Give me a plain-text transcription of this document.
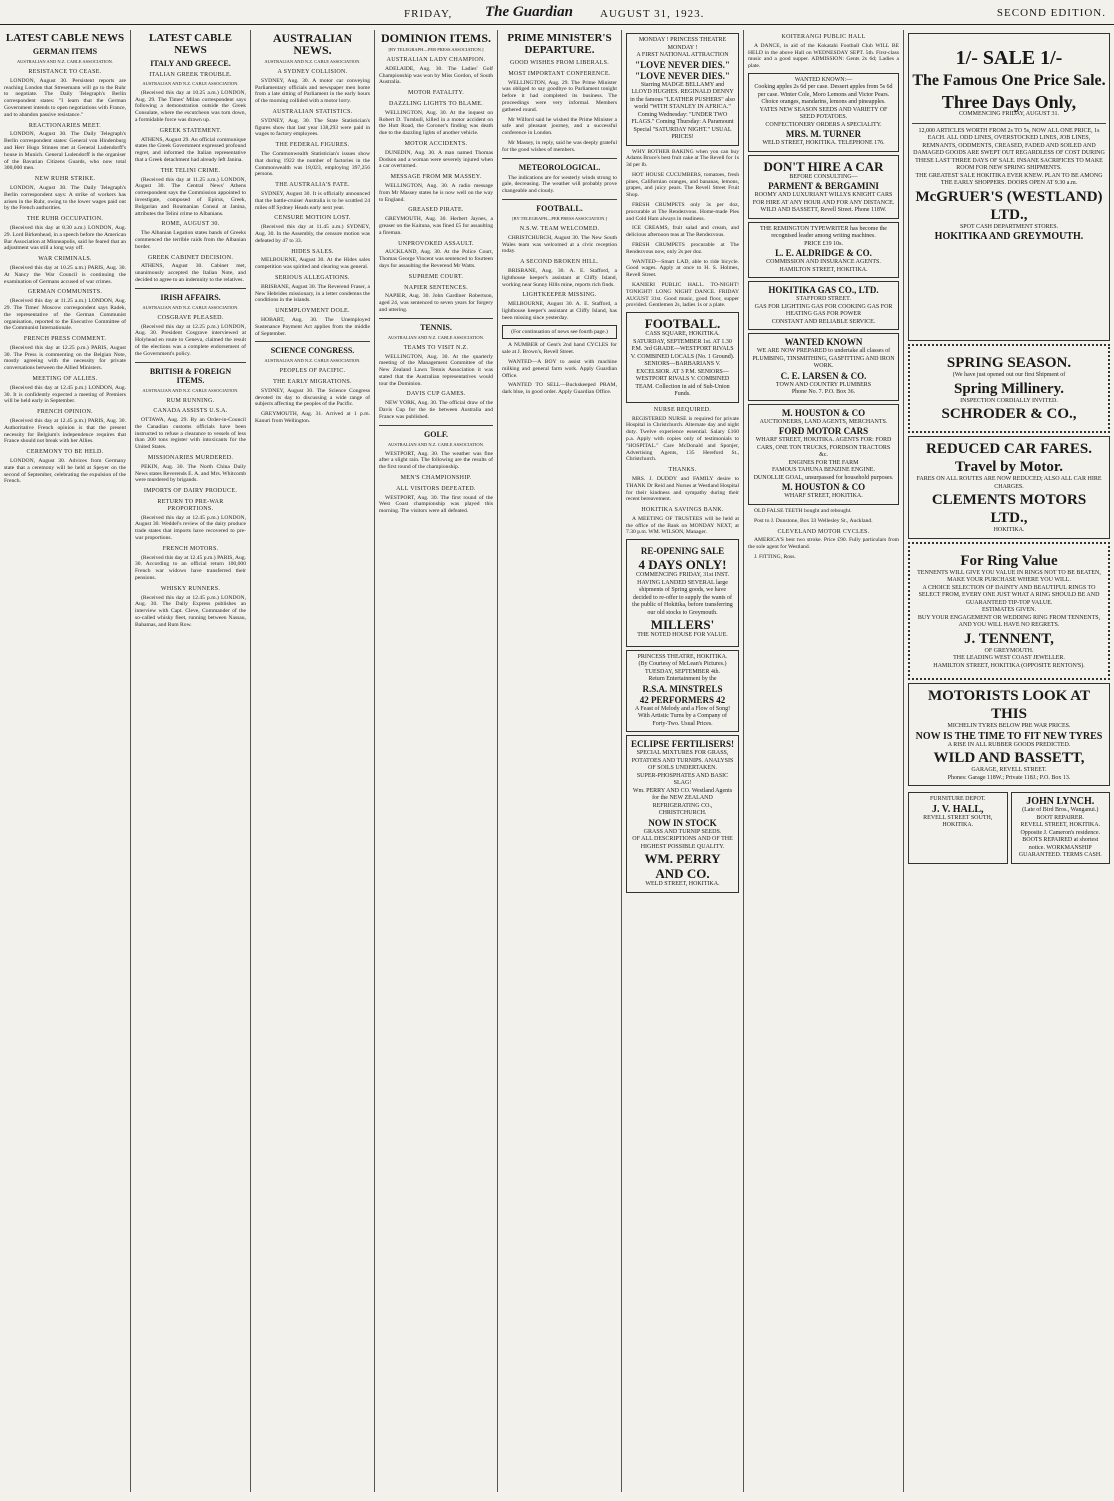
FRIDAY, The Guardian AUGUST 31, 1923.	SECOND EDITION.
LATEST CABLE NEWS
GERMAN ITEMS
AUSTRALIAN AND N.Z. CABLE ASSOCIATION.
RESISTANCE TO CEASE.

LONDON, August 30. Persistent reports are reaching London that Stresemann will go to the Ruhr to negotiate. The Daily Telegraph's Berlin correspondent states: "I learn that the German Government intends to open negotiations with France, and to abandon passive resistance."

REACTIONARIES MEET.

LONDON, August 30. The Daily Telegraph's Berlin correspondent states: General von Hindenburg and Herr Hugo Stinnes met at General Ludendorff's house in Munich. General Ludendorff is the organiser of the Bavarian Citizens Guards, who now total 300,000 men.

NEW RUHR STRIKE.

LONDON, August 30. The Daily Telegraph's Berlin correspondent says: A strike of workers has arisen in the Ruhr, owing to the lower wages paid out by the French authorities.

THE RUHR OCCUPATION.

(Received this day at 8.30 a.m.) LONDON, Aug. 29. Lord Birkenhead, in a speech before the American Bar Association at Minneapolis, said he feared that an adjustment was still a long way off.

WAR CRIMINALS.

(Received this day at 10.25 a.m.) PARIS, Aug. 30. At Nancy the War Council is continuing the examination of Germans accused of war crimes.

GERMAN COMMUNISTS.

(Received this day at 11.25 a.m.) LONDON, Aug. 29. The Times' Moscow correspondent says Radek, the representative of the German Communist organisation, reported to the Executive Committee of the Communist Internationale.

FRENCH PRESS COMMENT.

(Received this day at 12.25 p.m.) PARIS, August 30. The Press is commenting on the Belgian Note, mostly agreeing with the necessity for private conversations between the Allied Ministers.

MEETING OF ALLIES.

(Received this day at 12.45 p.m.) LONDON, Aug. 30. It is confidently expected a meeting of Premiers will be held early in September.

FRENCH OPINION.

(Received this day at 12.45 p.m.) PARIS, Aug. 30. Authoritative French opinion is that the present necessity for Belgium's independence requires that France should not break with her Allies.

CEREMONY TO BE HELD.

LONDON, August 30. Advices from Germany state that a ceremony will be held at Speyer on the second of September, celebrating the expulsion of the French.

LATEST CABLE NEWS
ITALY AND GREECE.
ITALIAN GREEK TROUBLE.
AUSTRALIAN AND N.Z. CABLE ASSOCIATION.

(Received this day at 10.25 a.m.) LONDON, Aug. 29. The Times' Milan correspondent says following a demonstration outside the Greek Consulate, where the escutcheon was torn down, a formidable force was drawn up.

GREEK STATEMENT.

ATHENS, August 29. An official communique states the Greek Government expressed profound regret, and informed the Italian representative that a Greek detachment had already left Janina.

THE TELINI CRIME.

(Received this day at 11.25 a.m.) LONDON, August 30. The Central News' Athens correspondent says the Commission appointed to investigate, composed of Epirus, Greek, Bulgarian and Roumanian Consul at Janina, attributes the Telini crime to Albanians.

ROME, AUGUST 30.

The Albanian Legation states bands of Greeks commenced the terrible raids from the Albanian border.

GREEK CABINET DECISION.

ATHENS, August 30. Cabinet met, unanimously accepted the Italian Note, and decided to agree to an indemnity to the relatives.

IRISH AFFAIRS.
AUSTRALIAN AND N.Z. CABLE ASSOCIATION.
COSGRAVE PLEASED.

(Received this day at 12.25 p.m.) LONDON, Aug. 30. President Cosgrave interviewed at Holyhead en route to Geneva, claimed the result of the elections was a complete endorsement of the Government's policy.

BRITISH & FOREIGN ITEMS.
AUSTRALIAN AND N.Z. CABLE ASSOCIATION.
RUM RUNNING.
CANADA ASSISTS U.S.A.

OTTAWA, Aug. 29. By an Order-in-Council the Canadian customs officials have been instructed to refuse a clearance to vessels of less than 200 tons register with intoxicants for the United States.

MISSIONARIES MURDERED.

PEKIN, Aug. 30. The North China Daily News states Reverends E. A. and Mrs. Whitcomb were murdered by brigands.

IMPORTS OF DAIRY PRODUCE.
RETURN TO PRE-WAR PROPORTIONS.

(Received this day at 12.45 p.m.) LONDON, August 30. Weddel's review of the dairy produce trade states that imports have recovered to pre-war proportions.

FRENCH MOTORS.

(Received this day at 12.45 p.m.) PARIS, Aug. 30. According to an official return 100,000 French war widows have transferred their pensions.

WHISKY RUNNERS.

(Received this day at 12.45 p.m.) LONDON, Aug. 30. The Daily Express publishes an interview with Capt. Cleve, Commander of the so-called whisky fleet, running between Nassau, Bahamas, and Rum Row.

AUSTRALIAN NEWS.
AUSTRALIAN AND N.Z. CABLE ASSOCIATION.
A SYDNEY COLLISION.

SYDNEY, Aug. 30. A motor car conveying Parliamentary officials and newspaper men home from a late sitting of Parliament in the early hours of the morning collided with a motor lorry.

AUSTRALIAN STATISTICS.

SYDNEY, Aug. 30. The State Statistician's figures show that last year 138,293 were paid in wages to factory employees.

THE FEDERAL FIGURES.

The Commonwealth Statistician's issues show that during 1922 the number of factories in the Commonwealth was 18,023, employing 397,256 persons.

THE AUSTRALIA'S FATE.

SYDNEY, August 30. It is officially announced that the battle-cruiser Australia is to be scuttled 24 miles off Sydney Heads early next year.

CENSURE MOTION LOST.

(Received this day at 11.45 a.m.) SYDNEY, Aug. 30. In the Assembly, the censure motion was defeated by 47 to 33.

HIDES SALES.

MELBOURNE, August 30. At the Hides sales competition was spirited and clearing was general.

SERIOUS ALLEGATIONS.

BRISBANE, August 30. The Reverend Fraser, a New Hebrides missionary, in a letter condemns the conditions in the islands.

UNEMPLOYMENT DOLE.

HOBART, Aug. 30. The Unemployed Sustenance Payment Act applies from the middle of September.

SCIENCE CONGRESS.
AUSTRALIAN AND N.Z. CABLE ASSOCIATION.
PEOPLES OF PACIFIC.
THE EARLY MIGRATIONS.

SYDNEY, August 30. The Science Congress devoted its day to discussing a wide range of subjects affecting the peoples of the Pacific.

GREYMOUTH, Aug. 31. Arrived at 1 p.m. Kanuri from Wellington.

DOMINION ITEMS.
[BY TELEGRAPH—PER PRESS ASSOCIATION.]
AUSTRALIAN LADY CHAMPION.

ADELAIDE, Aug. 30. The Ladies' Golf Championship was won by Miss Gordon, of South Australia.

MOTOR FATALITY.
DAZZLING LIGHTS TO BLAME.

WELLINGTON, Aug. 30. At the inquest on Robert D. Turnbull, killed in a motor accident on the Hutt Road, the Coroner's finding was death due to the dazzling lights of another vehicle.

MOTOR ACCIDENTS.

DUNEDIN, Aug. 30. A man named Thomas Dodson and a woman were severely injured when a car overturned.

MESSAGE FROM MR MASSEY.

WELLINGTON, Aug. 30. A radio message from Mr Massey states he is now well on the way to England.

GREASED PIRATE.

GREYMOUTH, Aug. 30. Herbert Jaynes, a greaser on the Kaituna, was fined £5 for assaulting a fireman.

UNPROVOKED ASSAULT.

AUCKLAND, Aug. 30. At the Police Court, Thomas George Vincent was sentenced to fourteen days for assaulting the Reverend Mr Watts.

SUPREME COURT.
NAPIER SENTENCES.

NAPIER, Aug. 30. John Gardiner Robertson, aged 24, was sentenced to seven years for forgery and uttering.

TENNIS.
AUSTRALIAN AND N.Z. CABLE ASSOCIATION.
TEAMS TO VISIT N.Z.

WELLINGTON, Aug. 30. At the quarterly meeting of the Management Committee of the New Zealand Lawn Tennis Association it was stated that the Australian representatives would tour the Dominion.

DAVIS CUP GAMES.

NEW YORK, Aug. 30. The official draw of the Davis Cup for the tie between Australia and France was published.

GOLF.
AUSTRALIAN AND N.Z. CABLE ASSOCIATION.

WESTPORT, Aug. 30. The weather was fine after a slight rain. The following are the results of the first round of the championship.

MEN'S CHAMPIONSHIP.
ALL VISITORS DEFEATED.

WESTPORT, Aug. 30. The first round of the West Coast championship was played this morning. The visitors were all defeated.

PRIME MINISTER'S DEPARTURE.
GOOD WISHES FROM LIBERALS.
MOST IMPORTANT CONFERENCE.

WELLINGTON, Aug. 29. The Prime Minister was obliged to say goodbye to Parliament tonight before it had completed its business. The proceedings were very informal. Members gathered round.

Mr Wilford said he wished the Prime Minister a safe and pleasant journey, and a successful conference in London.

Mr Massey, in reply, said he was deeply grateful for the good wishes of members.

METEOROLOGICAL.

The indications are for westerly winds strong to gale, decreasing. The weather will probably prove changeable and cloudy.

FOOTBALL.
[BY TELEGRAPH—PER PRESS ASSOCIATION.]
N.S.W. TEAM WELCOMED.

CHRISTCHURCH, August 30. The New South Wales team was welcomed at a civic reception today.

A SECOND BROKEN HILL.

BRISBANE, Aug. 30. A. E. Stafford, a lighthouse keeper's assistant at Cliffy Island, working near Sunny Hills mine, reports rich finds.

LIGHTKEEPER MISSING.

MELBOURNE, August 30. A. E. Stafford, a lighthouse keeper's assistant at Cliffy Island, has been missing since yesterday.

(For continuation of news see fourth page.)

A NUMBER of Gent's 2nd hand CYCLES for sale at J. Brown's, Revell Street.

WANTED—A BOY to assist with machine milking and general farm work. Apply Guardian Office.

WANTED TO SELL—Buckskeeped PRAM, dark blue, in good order. Apply Guardian Office.

MONDAY ! PRINCESS THEATRE MONDAY !
A FIRST NATIONAL ATTRACTION
"LOVE NEVER DIES." "LOVE NEVER DIES."
Starring MADGE BELLAMY and LLOYD HUGHES. REGINALD DENNY in the famous "LEATHER PUSHERS" also world "WITH STANLEY IN AFRICA." Coming Wednesday: "UNDER TWO FLAGS." Coming Thursday: A Paramount Special "SATURDAY NIGHT." USUAL PRICES!

WHY BOTHER BAKING when you can buy Adams Bruce's best fruit cake at The Revell for 1s 3d per lb.

HOT HOUSE CUCUMBERS, tomatoes, fresh pines, Californian oranges, and bananas, lemons, grapes, and juicy pears. The Revell Street Fruit Shop.

FRESH CRUMPETS only 3s per doz, procurable at The Rendezvous. Home-made Pies and Cold Ham always in readiness.

ICE CREAMS, fruit salad and cream, and delicious afternoon teas at The Rendezvous.

FRESH CRUMPETS procurable at The Rendezvous now, only 2s per doz.

WANTED—Smart LAD, able to ride bicycle. Good wages. Apply at once to H. S. Holmes, Revell Street.

KANIERI PUBLIC HALL. TO-NIGHT! TONIGHT! LONG NIGHT DANCE. FRIDAY AUGUST 31st. Good music, good floor, supper provided. Gentlemen 2s, ladies 1s or a plate.

FOOTBALL.
CASS SQUARE, HOKITIKA. SATURDAY, SEPTEMBER 1st. AT 1.30 P.M. 3rd GRADE—WESTPORT RIVALS V. COMBINED LOCALS (No. 1 Ground). SENIORS—BARBARIANS V. EXCELSIOR. AT 3 P.M. SENIORS—WESTPORT RIVALS V. COMBINED TEAM. Collection in aid of Sub-Union Funds.
NURSE REQUIRED.

REGISTERED NURSE is required for private Hospital in Christchurch. Alternate day and night duty. Twelve experience essential. Salary £160 p.a. Apply with copies only of testimonials to "HOSPITAL." Care McDonald and Sponjer, Advertising Agents, 135 Hereford St., Christchurch.

THANKS.

MRS. J. DUDDY and FAMILY desire to THANK Dr Reid and Nurses at Westland Hospital for their kindness and sympathy during their recent bereavement.

HOKITIKA SAVINGS BANK.

A MEETING OF TRUSTEES will be held at the office of the Bank on MONDAY NEXT, at 7.30 p.m. WM. WILSON, Manager.

RE-OPENING SALE
4 DAYS ONLY!
COMMENCING FRIDAY, 31st INST.
HAVING LANDED SEVERAL large shipments of Spring goods, we have decided to re-offer to supply the wants of the public of Hokitika, before transferring our old stocks to Greymouth.
MILLERS'
THE NOTED HOUSE FOR VALUE.
PRINCESS THEATRE, HOKITIKA.
(By Courtesy of McLean's Pictures.)
TUESDAY, SEPTEMBER 4th.
Return Entertainment by the
R.S.A. MINSTRELS
42 PERFORMERS 42
A Feast of Melody and a Flow of Song! With Artistic Turns by a Company of Forty-Two. Usual Prices.
ECLIPSE FERTILISERS!
SPECIAL MIXTURES FOR GRASS, POTATOES AND TURNIPS. ANALYSIS OF SOILS UNDERTAKEN.
SUPER-PHOSPHATES AND BASIC SLAG!
Wm. PERRY AND CO. Westland Agents for the NEW ZEALAND REFRIGERATING CO., CHRISTCHURCH.
NOW IN STOCK
GRASS AND TURNIP SEEDS.
OF ALL DESCRIPTIONS AND OF THE HIGHEST POSSIBLE QUALITY.
WM. PERRY AND CO.
WELD STREET, HOKITIKA.
KOITERANGI PUBLIC HALL

A DANCE, in aid of the Kokatahi Football Club WILL BE HELD in the above Hall on WEDNESDAY SEPT. 5th. First-class music and a good supper. ADMISSION: Gents 2s 6d; Ladies a plate.

WANTED KNOWN:—
Cooking apples 2s 6d per case. Dessert apples from 5s 6d per case. Winter Cole, Moro Lemons and Victor Pears. Choice oranges, mandarins, lemons and pineapples.
YATES NEW SEASON SEEDS AND VARIETY OF SEED POTATOES.
CONFECTIONERY ORDERS A SPECIALITY.
MRS. M. TURNER
WELD STREET, HOKITIKA. TELEPHONE 176.
DON'T HIRE A CAR
BEFORE CONSULTING—
PARMENT & BERGAMINI
ROOMY AND LUXURIANT WILLYS KNIGHT CARS FOR HIRE AT ANY HOUR AND FOR ANY DISTANCE.
WILD AND BASSETT, Revell Street. Phone 118W.
THE REMINGTON TYPEWRITER has become the recognised leader among writing machines.
PRICE £19 10s.
L. E. ALDRIDGE & CO.
COMMISSION AND INSURANCE AGENTS.
HAMILTON STREET, HOKITIKA.
HOKITIKA GAS CO., LTD.
STAFFORD STREET.
GAS FOR LIGHTING GAS FOR COOKING GAS FOR HEATING GAS FOR POWER
CONSTANT AND RELIABLE SERVICE.
WANTED KNOWN
WE ARE NOW PREPARED to undertake all classes of PLUMBING, TINSMITHING, GASFITTING AND IRON WORK.
C. E. LARSEN & CO.
TOWN AND COUNTRY PLUMBERS
Phone No. 7. P.O. Box 36.
M. HOUSTON & CO
AUCTIONEERS, LAND AGENTS, MERCHANTS.
FORD MOTOR CARS
WHARF STREET, HOKITIKA. AGENTS FOR: FORD CARS, ONE TON TRUCKS, FORDSON TRACTORS &c.
ENGINES FOR THE FARM
FAMOUS TAHUNA BENZINE ENGINE.
DUNOLLIE GOAL, unsurpassed for household purposes.
M. HOUSTON & CO
WHARF STREET, HOKITIKA.

OLD FALSE TEETH bought and rebought.

Post to J. Dunstone, Box 33 Wellesley St., Auckland.

CLEVELAND MOTOR CYCLES.

AMERICA'S best two stroke. Price £90. Fully particulars from the sole agent for Westland.

J. FITTING, Ross.

1/- SALE 1/-
The Famous One Price Sale.
Three Days Only,
COMMENCING FRIDAY, AUGUST 31.
12,000 ARTICLES WORTH FROM 2s TO 5s, NOW ALL ONE PRICE, 1s EACH. ALL ODD LINES, OVERSTOCKED LINES, JOB LINES, REMNANTS, ODDMENTS, CREASED, FADED AND SOILED AND DAMAGED GOODS ARE SWEPT OUT REGARDLESS OF COST DURING THESE LAST THREE DAYS OF SALE. INSANE SACRIFICES TO MAKE ROOM FOR NEW SPRING SHIPMENTS.
THE GREATEST SALE HOKITIKA EVER KNEW. PLAN TO BE AMONG THE EARLY SHOPPERS. DOORS OPEN AT 9.30 a.m.
McGRUER'S (WESTLAND) LTD.,
SPOT CASH DEPARTMENT STORES.
HOKITIKA AND GREYMOUTH.
SPRING SEASON.
(We have just opened out our first Shipment of
Spring Millinery.
INSPECTION CORDIALLY INVITED.
SCHRODER & CO.,
REDUCED CAR FARES.
Travel by Motor.
FARES ON ALL ROUTES ARE NOW REDUCED; ALSO ALL CAR HIRE CHARGES.
CLEMENTS MOTORS LTD.,
HOKITIKA.
For Ring Value
TENNENTS WILL GIVE YOU VALUE IN RINGS NOT TO BE BEATEN, MAKE YOUR PURCHASE WHERE YOU WILL.
A CHOICE SELECTION OF DAINTY AND BEAUTIFUL RINGS TO SELECT FROM, EVERY ONE JUST WHAT A RING SHOULD BE AND GUARANTEED TIP-TOP VALUE.
ESTIMATES GIVEN.
BUY YOUR ENGAGEMENT OR WEDDING RING FROM TENNENTS, AND YOU WILL HAVE NO REGRETS.
J. TENNENT,
OF GREYMOUTH.
THE LEADING WEST COAST JEWELLER.
HAMILTON STREET, HOKITIKA (OPPOSITE RENTON'S).
MOTORISTS LOOK AT THIS
MICHELIN TYRES BELOW PRE WAR PRICES.
NOW IS THE TIME TO FIT NEW TYRES
A RISE IN ALL RUBBER GOODS PREDICTED.
WILD AND BASSETT,
GARAGE, REVELL STREET.
Phones: Garage 118W.; Private 118J.; P.O. Box 13.
FURNITURE DEPOT.
J. V. HALL,
REVELL STREET SOUTH, HOKITIKA.
JOHN LYNCH.
(Late of Bird Bros., Wanganui.)
BOOT REPAIRER.
REVELL STREET, HOKITIKA. Opposite J. Cameron's residence.
BOOTS REPAIRED at shortest notice. WORKMANSHIP GUARANTEED. TERMS CASH.
